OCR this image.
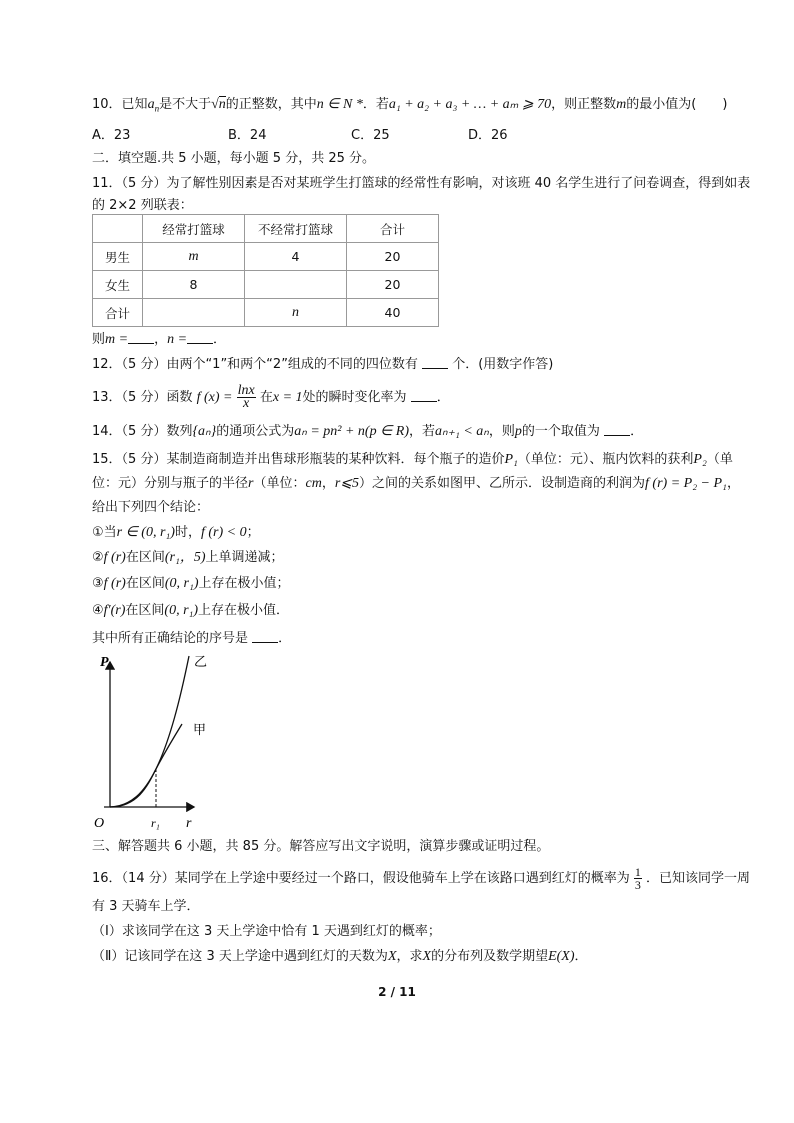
10．已知$a_n$是不大于√n的正整数，其中n ∈ N *．若a₁ + a₂ + a₃ + … + aₘ ⩾ 70，则正整数m的最小值为(　　)
A．23	B．24	C．25	D．26
二．填空题.共 5 小题，每小题 5 分，共 25 分。
11．（5 分）为了解性别因素是否对某班学生打篮球的经常性有影响，对该班 40 名学生进行了问卷调查，得到如表
的 2×2 列联表：
	经常打篮球	不经常打篮球	合计
男生	m	4	20
女生	8		20
合计		n	40
则m = ，n = ．
12．（5 分）由两个“1”和两个“2”组成的不同的四位数有	个．(用数字作答)
13．（5 分）函数 f $(x) = \frac{\ln x}{x}$ 在x = 1处的瞬时变化率为 ．
14．（5 分）数列{aₙ}的通项公式为aₙ = pn² + n(p ∈ R)，若aₙ₊₁ < aₙ，则p的一个取值为 ．
15．（5 分）某制造商制造并出售球形瓶装的某种饮料．每个瓶子的造价P₁（单位：元）、瓶内饮料的获利P₂（单
位：元）分别与瓶子的半径r（单位：cm，r⩽5）之间的关系如图甲、乙所示．设制造商的利润为f (r) = P₂ − P₁，
给出下列四个结论：
①当r ∈ (0, r₁)时，f (r) < 0；
②f (r)在区间(r₁，5)上单调递减；
③f (r)在区间(0, r₁)上存在极小值；
④f′(r)在区间(0, r₁)上存在极小值．
其中所有正确结论的序号是 ．
P
r
O	r₁
乙
甲
三、解答题共 6 小题，共 85 分。解答应写出文字说明，演算步骤或证明过程。
16．（14 分）某同学在上学途中要经过一个路口，假设他骑车上学在该路口遇到红灯的概率为 $\frac{1}{3}$ ．已知该同学一周
有 3 天骑车上学．
（Ⅰ）求该同学在这 3 天上学途中恰有 1 天遇到红灯的概率；
（Ⅱ）记该同学在这 3 天上学途中遇到红灯的天数为X，求X的分布列及数学期望E(X)．
2 / 11
